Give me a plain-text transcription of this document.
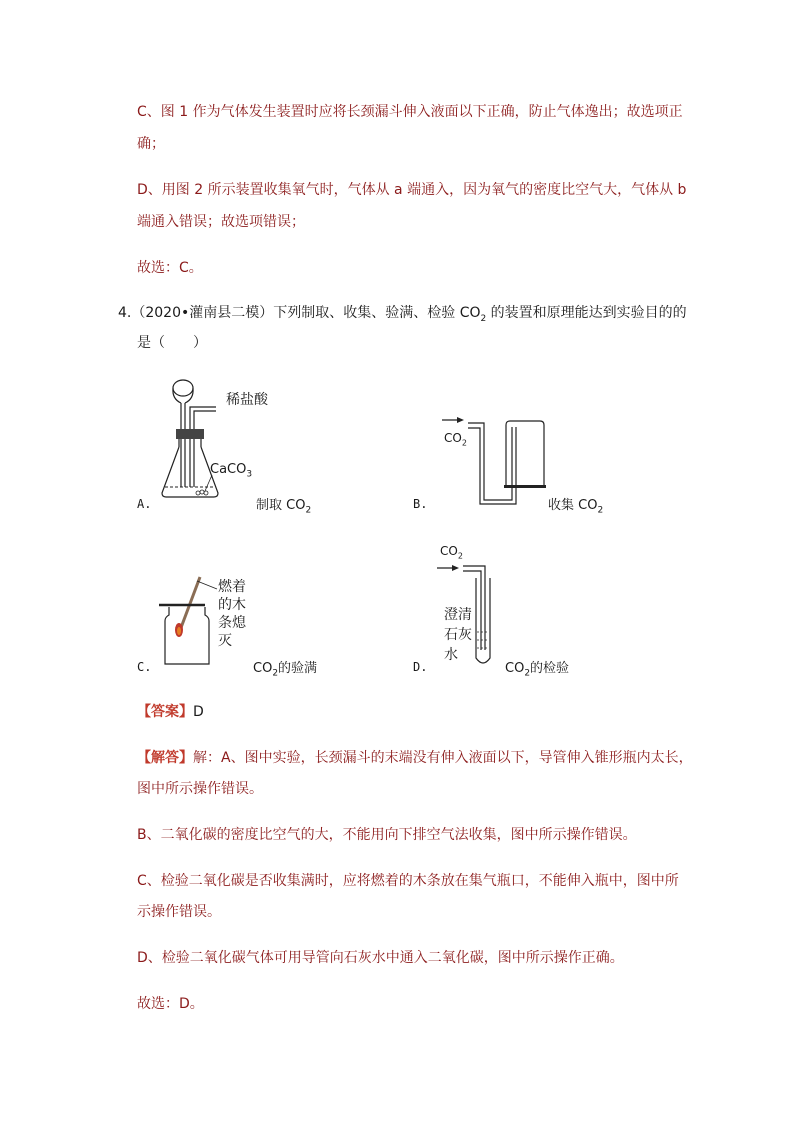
C、图 1 作为气体发生装置时应将长颈漏斗伸入液面以下正确，防止气体逸出；故选项正
确；
D、用图 2 所示装置收集氧气时，气体从 a 端通入，因为氧气的密度比空气大，气体从 b
端通入错误；故选项错误；
故选：C。
4.（2020•灌南县二模）下列制取、收集、验满、检验 $CO_2$ 的装置和原理能达到实验目的的
是（　　）
稀盐酸
CaCO$_3$
A.	制取 $CO_2$
$CO_2$
B.	收集 $CO_2$
燃着
的木
条熄
灭
C.	$CO_2$的验满
$CO_2$
澄清
石灰
水
D.	$CO_2$的检验
【答案】D
【解答】解：A、图中实验，长颈漏斗的末端没有伸入液面以下，导管伸入锥形瓶内太长，
图中所示操作错误。
B、二氧化碳的密度比空气的大，不能用向下排空气法收集，图中所示操作错误。
C、检验二氧化碳是否收集满时，应将燃着的木条放在集气瓶口，不能伸入瓶中，图中所
示操作错误。
D、检验二氧化碳气体可用导管向石灰水中通入二氧化碳，图中所示操作正确。
故选：D。
